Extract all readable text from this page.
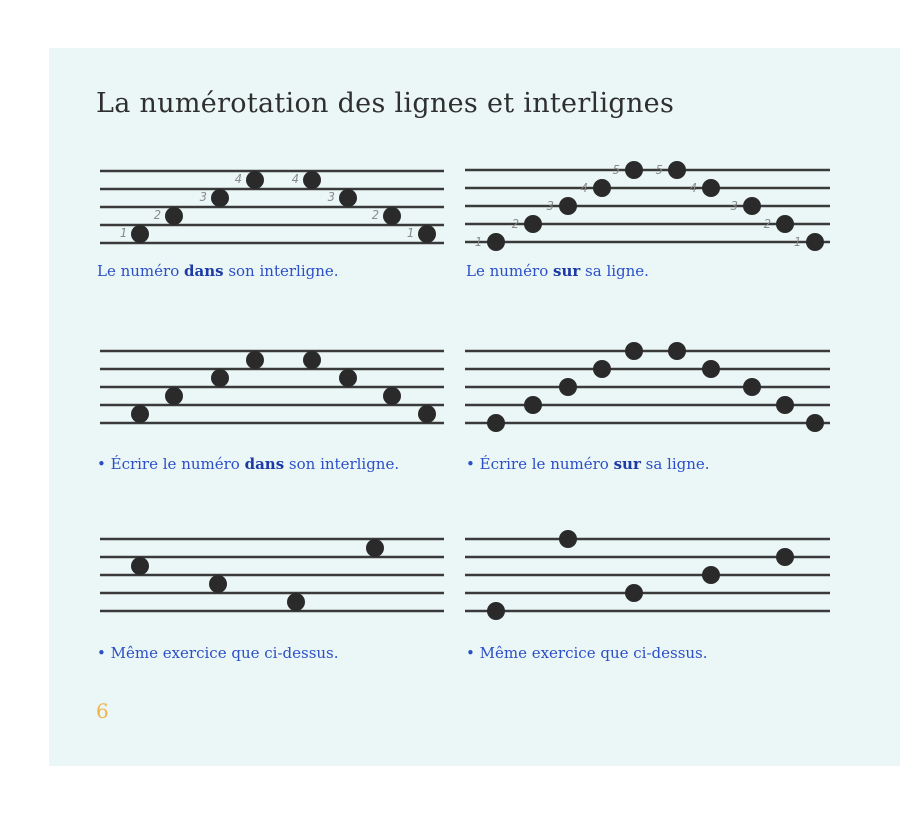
La numérotation des lignes et interlignes
1
2
3
4	4
3
2
1
1
2
3
4
5	5
4
3
2
1

Le numéro dans son interligne.	Le numéro sur sa ligne.

• Écrire le numéro dans son interligne.	• Écrire le numéro sur sa ligne.

• Même exercice que ci-dessus.	• Même exercice que ci-dessus.

6
